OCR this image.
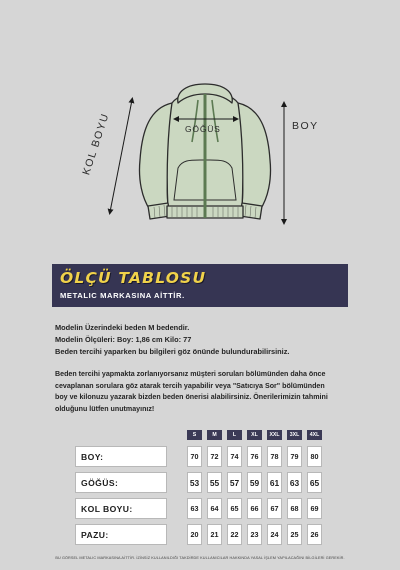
KOL BOYU	BOY
GÖĞÜS
ÖLÇÜ TABLOSU
METALIC MARKASINA AİTTİR.
Modelin Üzerindeki beden M bedendir.
Modelin Ölçüleri: Boy: 1,86 cm Kilo: 77
Beden tercihi yaparken bu bilgileri göz önünde bulundurabilirsiniz.
Beden tercihi yapmakta zorlanıyorsanız müşteri soruları bölümünden daha önce
cevaplanan sorulara göz atarak tercih yapabilir veya "Satıcıya Sor" bölümünden
boy ve kilonuzu yazarak bizden beden önerisi alabilirsiniz. Önerilerimizin tahmini
olduğunu lütfen unutmayınız!
S	M	L	XL	XXL	3XL	4XL
BOY:	70	72	74	76	78	79	80
GÖĞÜS:	53	55	57	59	61	63	65
KOL BOYU:	63	64	65	66	67	68	69
PAZU:	20	21	22	23	24	25	26
BU GÖRSEL METALIC MARKASINA AİTTİR. İZİNSİZ KULLANILDIĞI TAKDİRDE KULLANICILAR HAKKINDA YASAL İŞLEM YAPILACAĞINI BİLGİLERİ GEREKİR.
